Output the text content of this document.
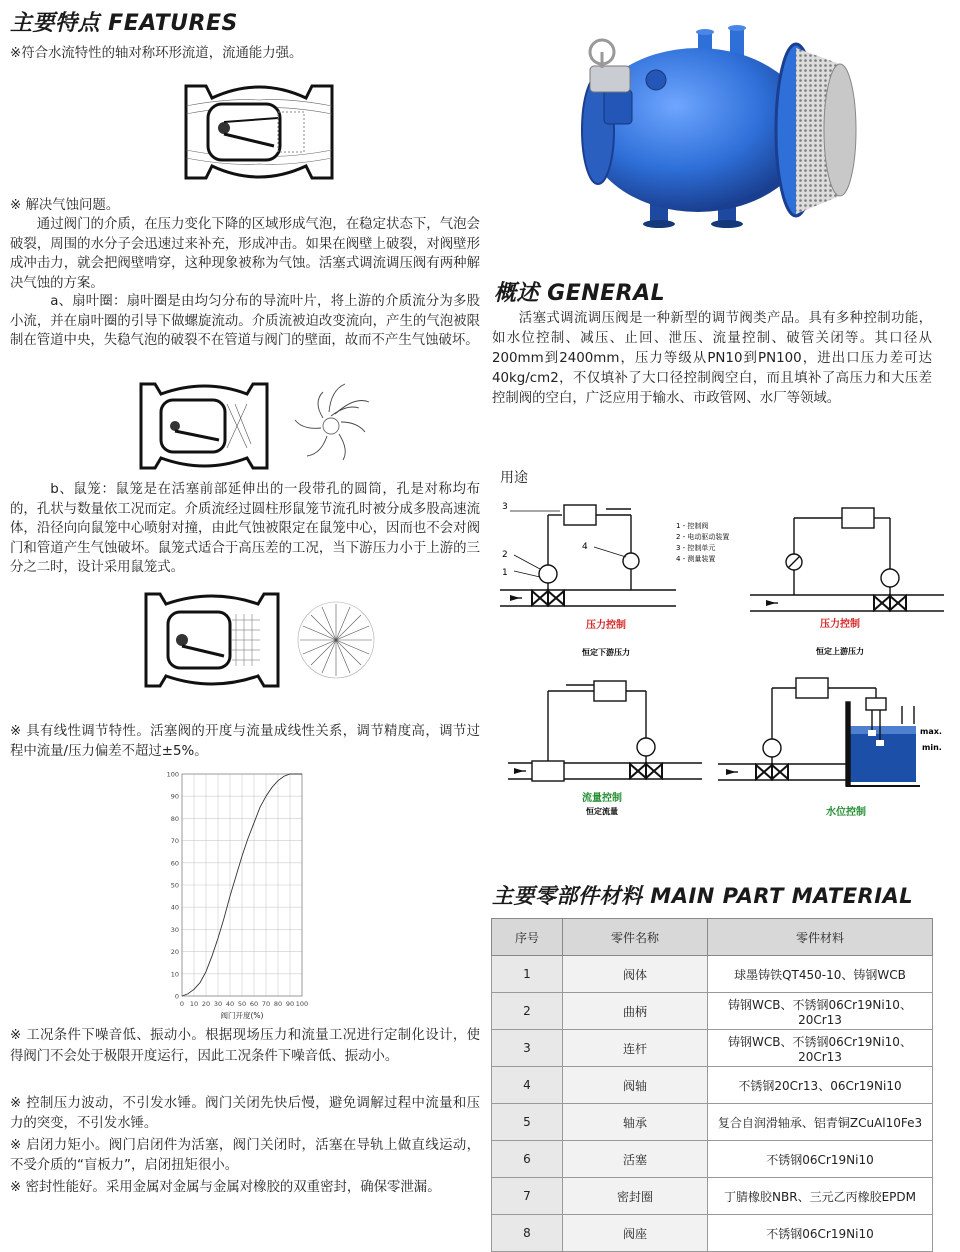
主要特点 FEATURES
※符合水流特性的轴对称环形流道，流通能力强。
※ 解决气蚀问题。
通过阀门的介质，在压力变化下降的区域形成气泡，在稳定状态下，气泡会破裂，周围的水分子会迅速过来补充，形成冲击。如果在阀壁上破裂，对阀壁形成冲击力，就会把阀壁啃穿，这种现象被称为气蚀。活塞式调流调压阀有两种解决气蚀的方案。
a、扇叶圈：扇叶圈是由均匀分布的导流叶片，将上游的介质流分为多股小流，并在扇叶圈的引导下做螺旋流动。介质流被迫改变流向，产生的气泡被限制在管道中央，失稳气泡的破裂不在管道与阀门的壁面，故而不产生气蚀破坏。
b、鼠笼：鼠笼是在活塞前部延伸出的一段带孔的圆筒，孔是对称均布的，孔状与数量依工况而定。介质流经过圆柱形鼠笼节流孔时被分成多股高速流体，沿径向向鼠笼中心喷射对撞，由此气蚀被限定在鼠笼中心，因而也不会对阀门和管道产生气蚀破坏。鼠笼式适合于高压差的工况，当下游压力小于上游的三分之二时，设计采用鼠笼式。
※ 具有线性调节特性。活塞阀的开度与流量成线性关系，调节精度高，调节过程中流量/压力偏差不超过±5%。
0
10
20
30
40
50
60
70
80
90
100
0 10 20 30 40 50 60 70 80 90 100
阀门开度(%)
※ 工况条件下噪音低、振动小。根据现场压力和流量工况进行定制化设计，使得阀门不会处于极限开度运行，因此工况条件下噪音低、振动小。
※ 控制压力波动，不引发水锤。阀门关闭先快后慢，避免调解过程中流量和压力的突变，不引发水锤。
※ 启闭力矩小。阀门启闭件为活塞，阀门关闭时，活塞在导轨上做直线运动，不受介质的“盲板力”，启闭扭矩很小。
※ 密封性能好。采用金属对金属与金属对橡胶的双重密封，确保零泄漏。
概述 GENERAL
活塞式调流调压阀是一种新型的调节阀类产品。具有多种控制功能，如水位控制、减压、止回、泄压、流量控制、破管关闭等。其口径从200mm到2400mm，压力等级从PN10到PN100，进出口压力差可达40kg/cm2，不仅填补了大口径控制阀空白，而且填补了高压力和大压差控制阀的空白，广泛应用于输水、市政管网、水厂等领域。
用途
3
2
1
4
1 - 控制阀
2 - 电动驱动装置
3 - 控制单元
4 - 测量装置
压力控制
恒定下游压力
压力控制
恒定上游压力
流量控制
恒定流量
max.
min.
水位控制
主要零部件材料 MAIN PART MATERIAL
序号	零件名称	零件材料
1	阀体	球墨铸铁QT450-10、铸钢WCB
2	曲柄	铸钢WCB、不锈钢06Cr19Ni10、20Cr13
3	连杆	铸钢WCB、不锈钢06Cr19Ni10、20Cr13
4	阀轴	不锈钢20Cr13、06Cr19Ni10
5	轴承	复合自润滑轴承、铝青铜ZCuAl10Fe3
6	活塞	不锈钢06Cr19Ni10
7	密封圈	丁腈橡胶NBR、三元乙丙橡胶EPDM
8	阀座	不锈钢06Cr19Ni10
